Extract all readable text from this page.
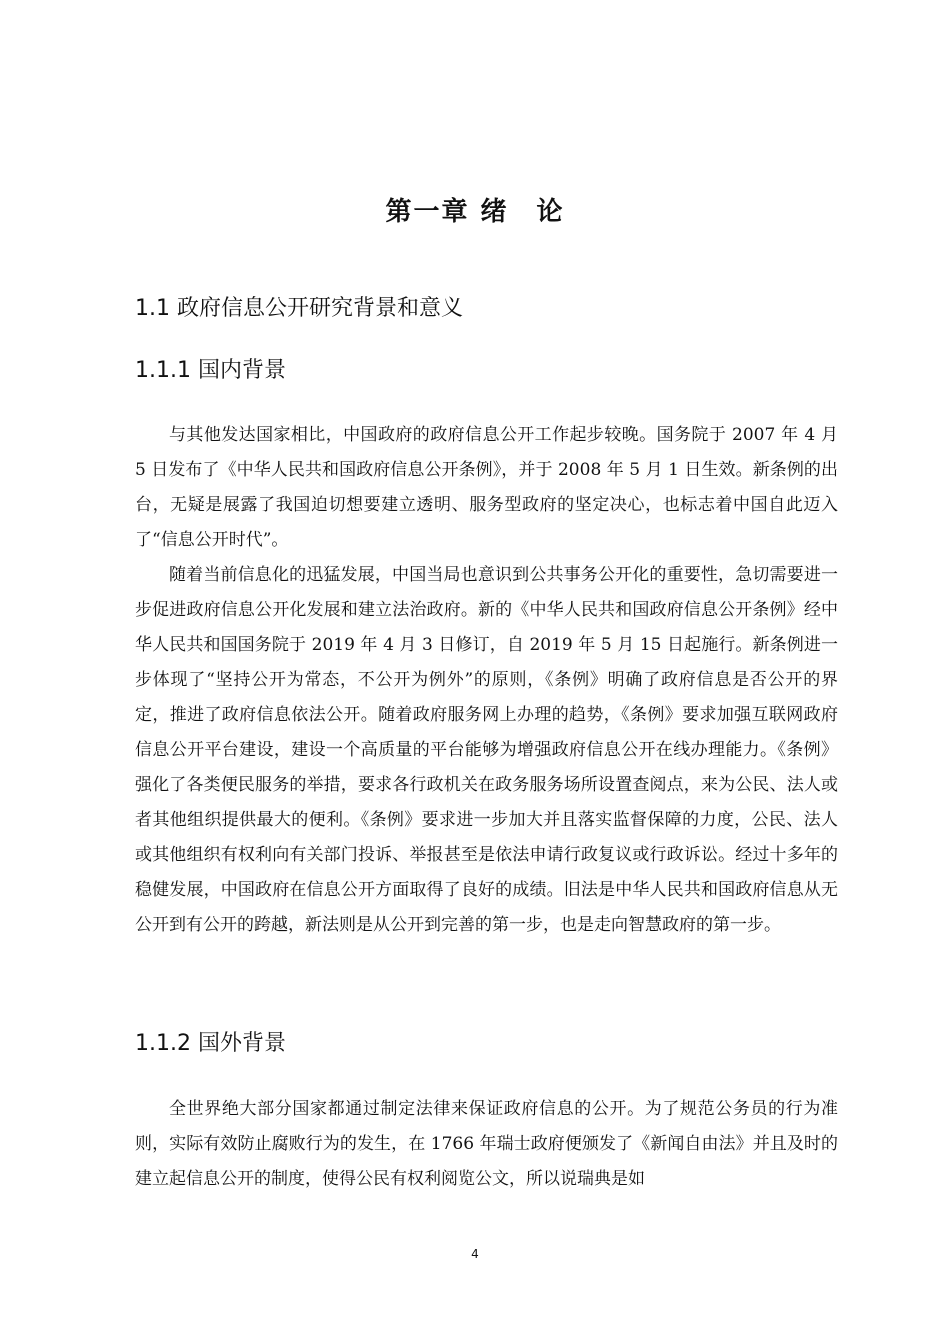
第一章 绪　论
1.1 政府信息公开研究背景和意义
1.1.1 国内背景

与其他发达国家相比，中国政府的政府信息公开工作起步较晚。国务院于 2007 年 4 月 5 日发布了《中华人民共和国政府信息公开条例》，并于 2008 年 5 月 1 日生效。新条例的出台，无疑是展露了我国迫切想要建立透明、服务型政府的坚定决心，也标志着中国自此迈入了“信息公开时代”。

随着当前信息化的迅猛发展，中国当局也意识到公共事务公开化的重要性，急切需要进一步促进政府信息公开化发展和建立法治政府。新的《中华人民共和国政府信息公开条例》经中华人民共和国国务院于 2019 年 4 月 3 日修订，自 2019 年 5 月 15 日起施行。新条例进一步体现了“坚持公开为常态，不公开为例外”的原则，《条例》明确了政府信息是否公开的界定，推进了政府信息依法公开。随着政府服务网上办理的趋势，《条例》要求加强互联网政府信息公开平台建设，建设一个高质量的平台能够为增强政府信息公开在线办理能力。《条例》强化了各类便民服务的举措，要求各行政机关在政务服务场所设置查阅点，来为公民、法人或者其他组织提供最大的便利。《条例》要求进一步加大并且落实监督保障的力度，公民、法人或其他组织有权利向有关部门投诉、举报甚至是依法申请行政复议或行政诉讼。经过十多年的稳健发展，中国政府在信息公开方面取得了良好的成绩。旧法是中华人民共和国政府信息从无公开到有公开的跨越，新法则是从公开到完善的第一步，也是走向智慧政府的第一步。

1.1.2 国外背景

全世界绝大部分国家都通过制定法律来保证政府信息的公开。为了规范公务员的行为准则，实际有效防止腐败行为的发生，在 1766 年瑞士政府便颁发了《新闻自由法》并且及时的建立起信息公开的制度，使得公民有权利阅览公文，所以说瑞典是如

4
